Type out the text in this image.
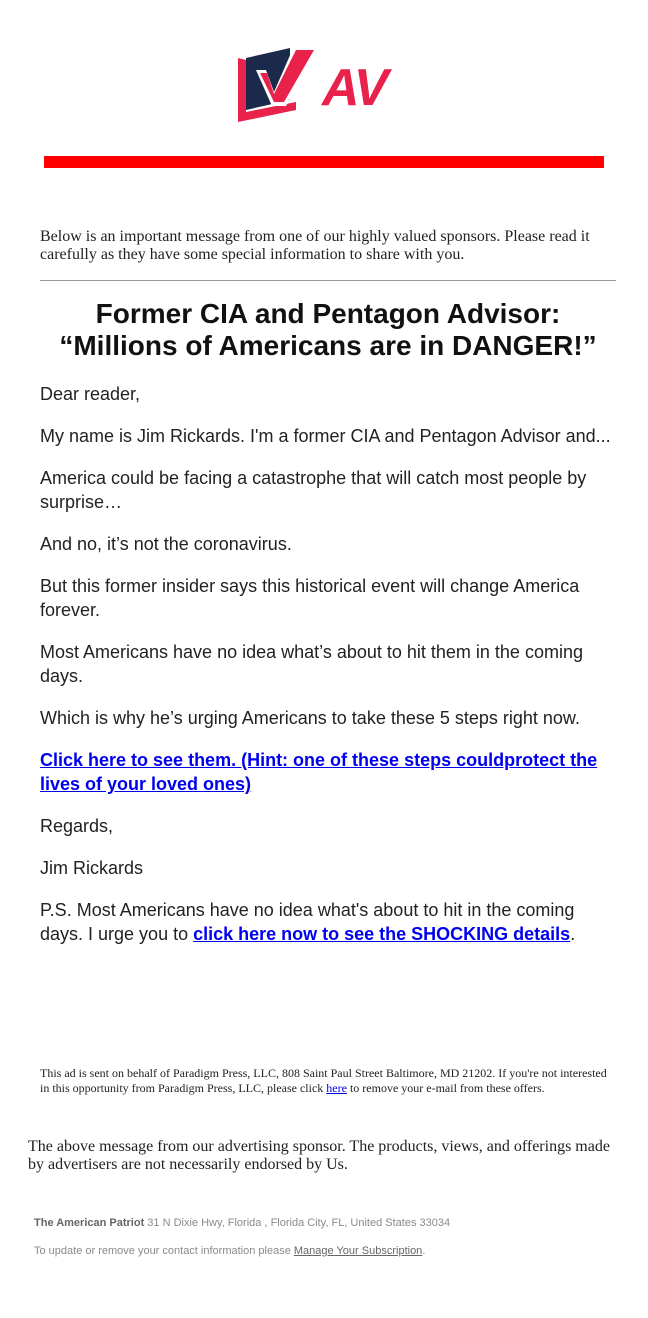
AV

Below is an important message from one of our highly valued sponsors. Please read it carefully as they have some special information to share with you.

Former CIA and Pentagon Advisor:
“Millions of Americans are in DANGER!”

Dear reader,

My name is Jim Rickards. I'm a former CIA and Pentagon Advisor and...

America could be facing a catastrophe that will catch most people by surprise…

And no, it’s not the coronavirus.

But this former insider says this historical event will change America forever.

Most Americans have no idea what’s about to hit them in the coming days.

Which is why he’s urging Americans to take these 5 steps right now.

Click here to see them. (Hint: one of these steps couldprotect the lives of your loved ones)

Regards,

Jim Rickards

P.S. Most Americans have no idea what's about to hit in the coming days. I urge you to click here now to see the SHOCKING details.

This ad is sent on behalf of Paradigm Press, LLC, 808 Saint Paul Street Baltimore, MD 21202. If you're not interested in this opportunity from Paradigm Press, LLC, please click here to remove your e-mail from these offers.

The above message from our advertising sponsor. The products, views, and offerings made by advertisers are not necessarily endorsed by Us.

The American Patriot 31 N Dixie Hwy, Florida , Florida City, FL, United States 33034

To update or remove your contact information please Manage Your Subscription.
